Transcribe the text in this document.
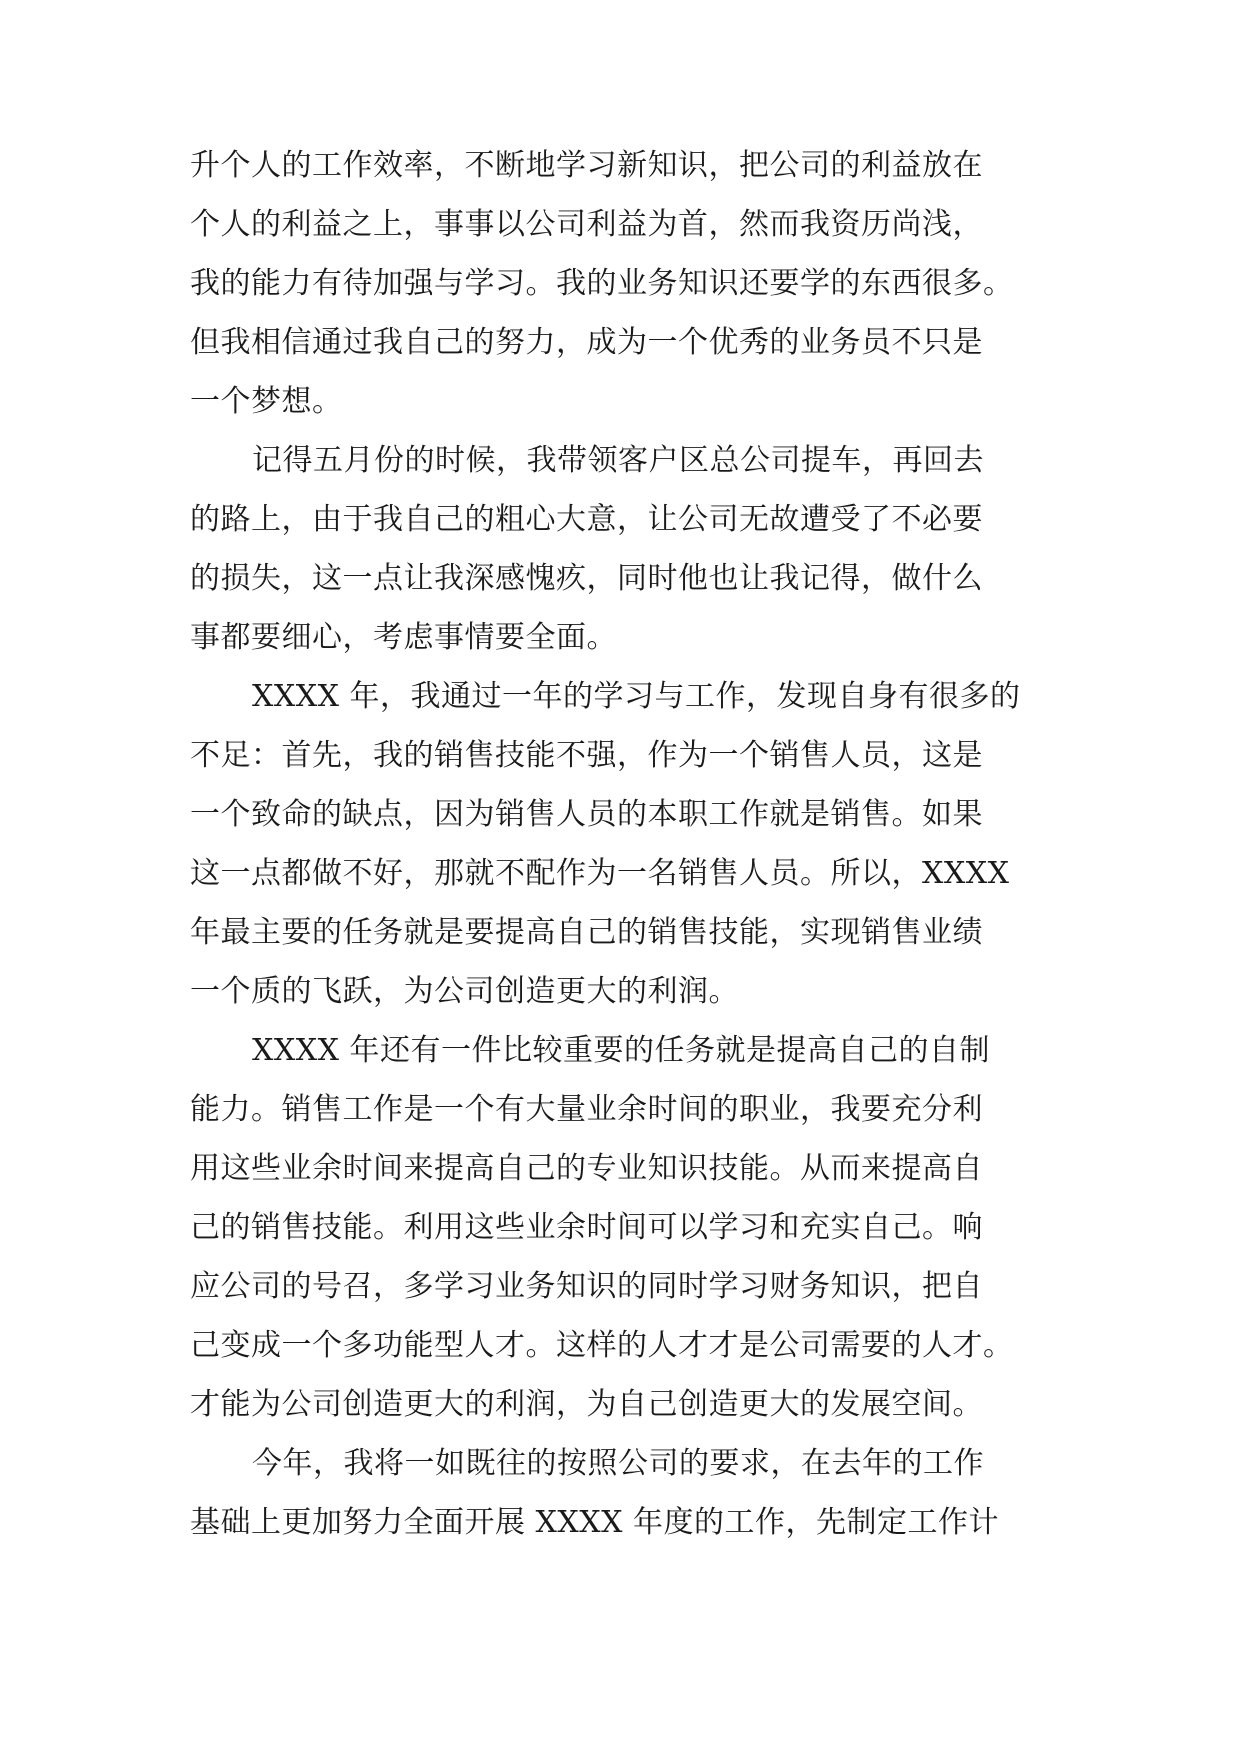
升个人的工作效率，不断地学习新知识，把公司的利益放在
个人的利益之上，事事以公司利益为首，然而我资历尚浅，
我的能力有待加强与学习。我的业务知识还要学的东西很多。
但我相信通过我自己的努力，成为一个优秀的业务员不只是
一个梦想。
记得五月份的时候，我带领客户区总公司提车，再回去
的路上，由于我自己的粗心大意，让公司无故遭受了不必要
的损失，这一点让我深感愧疚，同时他也让我记得，做什么
事都要细心，考虑事情要全面。
XXXX 年，我通过一年的学习与工作，发现自身有很多的
不足：首先，我的销售技能不强，作为一个销售人员，这是
一个致命的缺点，因为销售人员的本职工作就是销售。如果
这一点都做不好，那就不配作为一名销售人员。所以，XXXX
年最主要的任务就是要提高自己的销售技能，实现销售业绩
一个质的飞跃，为公司创造更大的利润。
XXXX 年还有一件比较重要的任务就是提高自己的自制
能力。销售工作是一个有大量业余时间的职业，我要充分利
用这些业余时间来提高自己的专业知识技能。从而来提高自
己的销售技能。利用这些业余时间可以学习和充实自己。响
应公司的号召，多学习业务知识的同时学习财务知识，把自
己变成一个多功能型人才。这样的人才才是公司需要的人才。
才能为公司创造更大的利润，为自己创造更大的发展空间。
今年，我将一如既往的按照公司的要求，在去年的工作
基础上更加努力全面开展 XXXX 年度的工作，先制定工作计
